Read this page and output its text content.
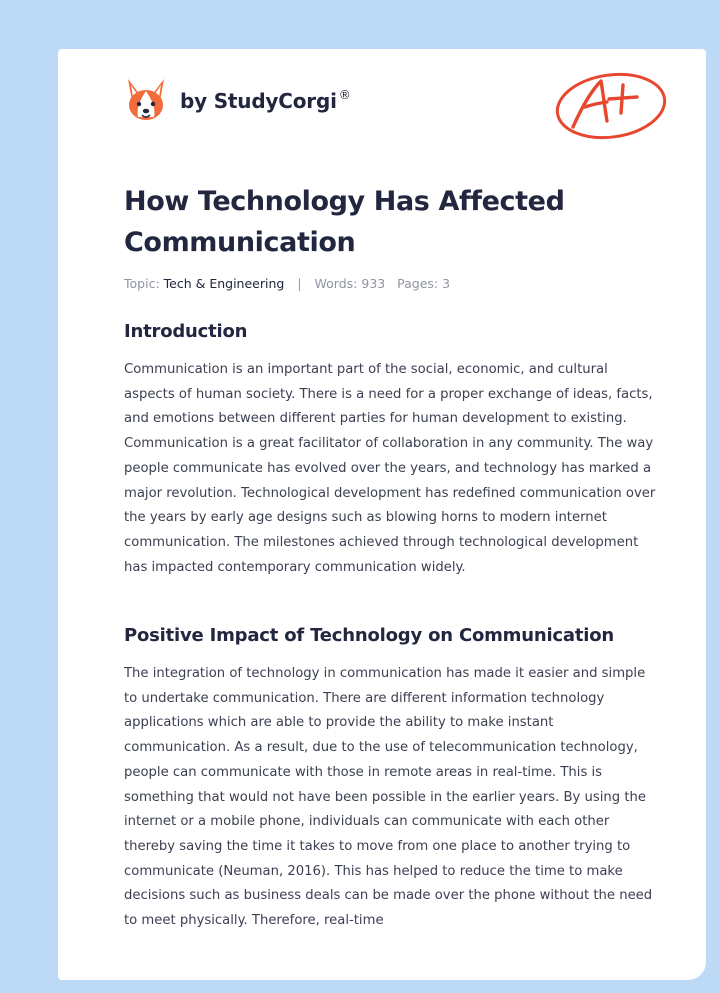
by StudyCorgi ®
How Technology Has Affected Communication
Topic: Tech & Engineering | Words: 933 Pages: 3
Introduction

Communication is an important part of the social, economic, and cultural aspects of human society. There is a need for a proper exchange of ideas, facts, and emotions between different parties for human development to existing. Communication is a great facilitator of collaboration in any community. The way people communicate has evolved over the years, and technology has marked a major revolution. Technological development has redefined communication over the years by early age designs such as blowing horns to modern internet communication. The milestones achieved through technological development has impacted contemporary communication widely.

Positive Impact of Technology on Communication

The integration of technology in communication has made it easier and simple to undertake communication. There are different information technology applications which are able to provide the ability to make instant communication. As a result, due to the use of telecommunication technology, people can communicate with those in remote areas in real-time. This is something that would not have been possible in the earlier years. By using the internet or a mobile phone, individuals can communicate with each other thereby saving the time it takes to move from one place to another trying to communicate (Neuman, 2016). This has helped to reduce the time to make decisions such as business deals can be made over the phone without the need to meet physically. Therefore, real-time
